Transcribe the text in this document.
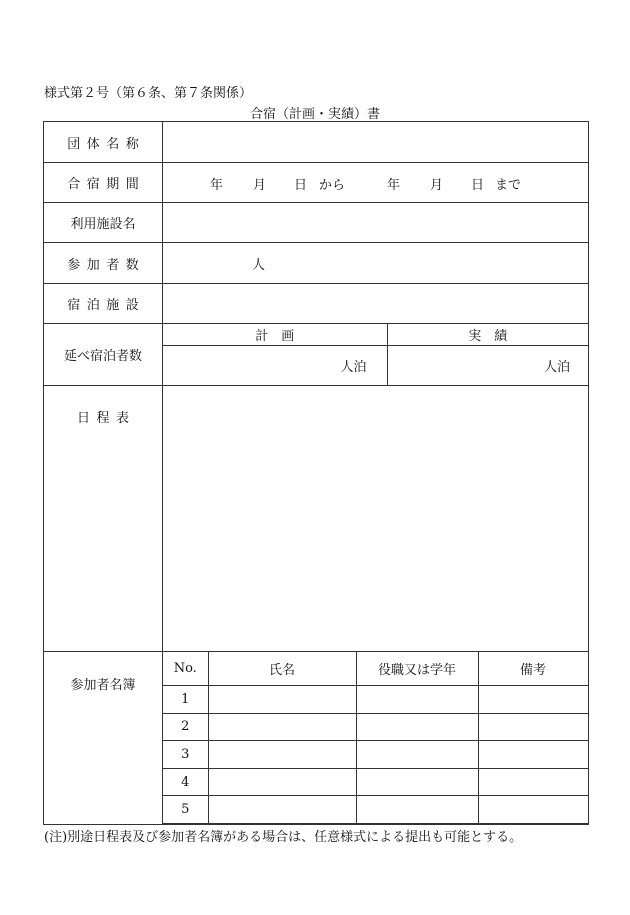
様式第２号（第６条、第７条関係）
合宿（計画・実績）書
団体名称	
合宿期間	年 月 日 から	年 月 日 まで

利用施設名	
参加者数	人
宿泊施設	
延べ宿泊者数	
計　画	実　績
人泊	人泊

日程表	
参加者名簿	
No.	氏名	役職又は学年	備考
1			
2			
3			
4			
5			
(注)別途日程表及び参加者名簿がある場合は、任意様式による提出も可能とする。
